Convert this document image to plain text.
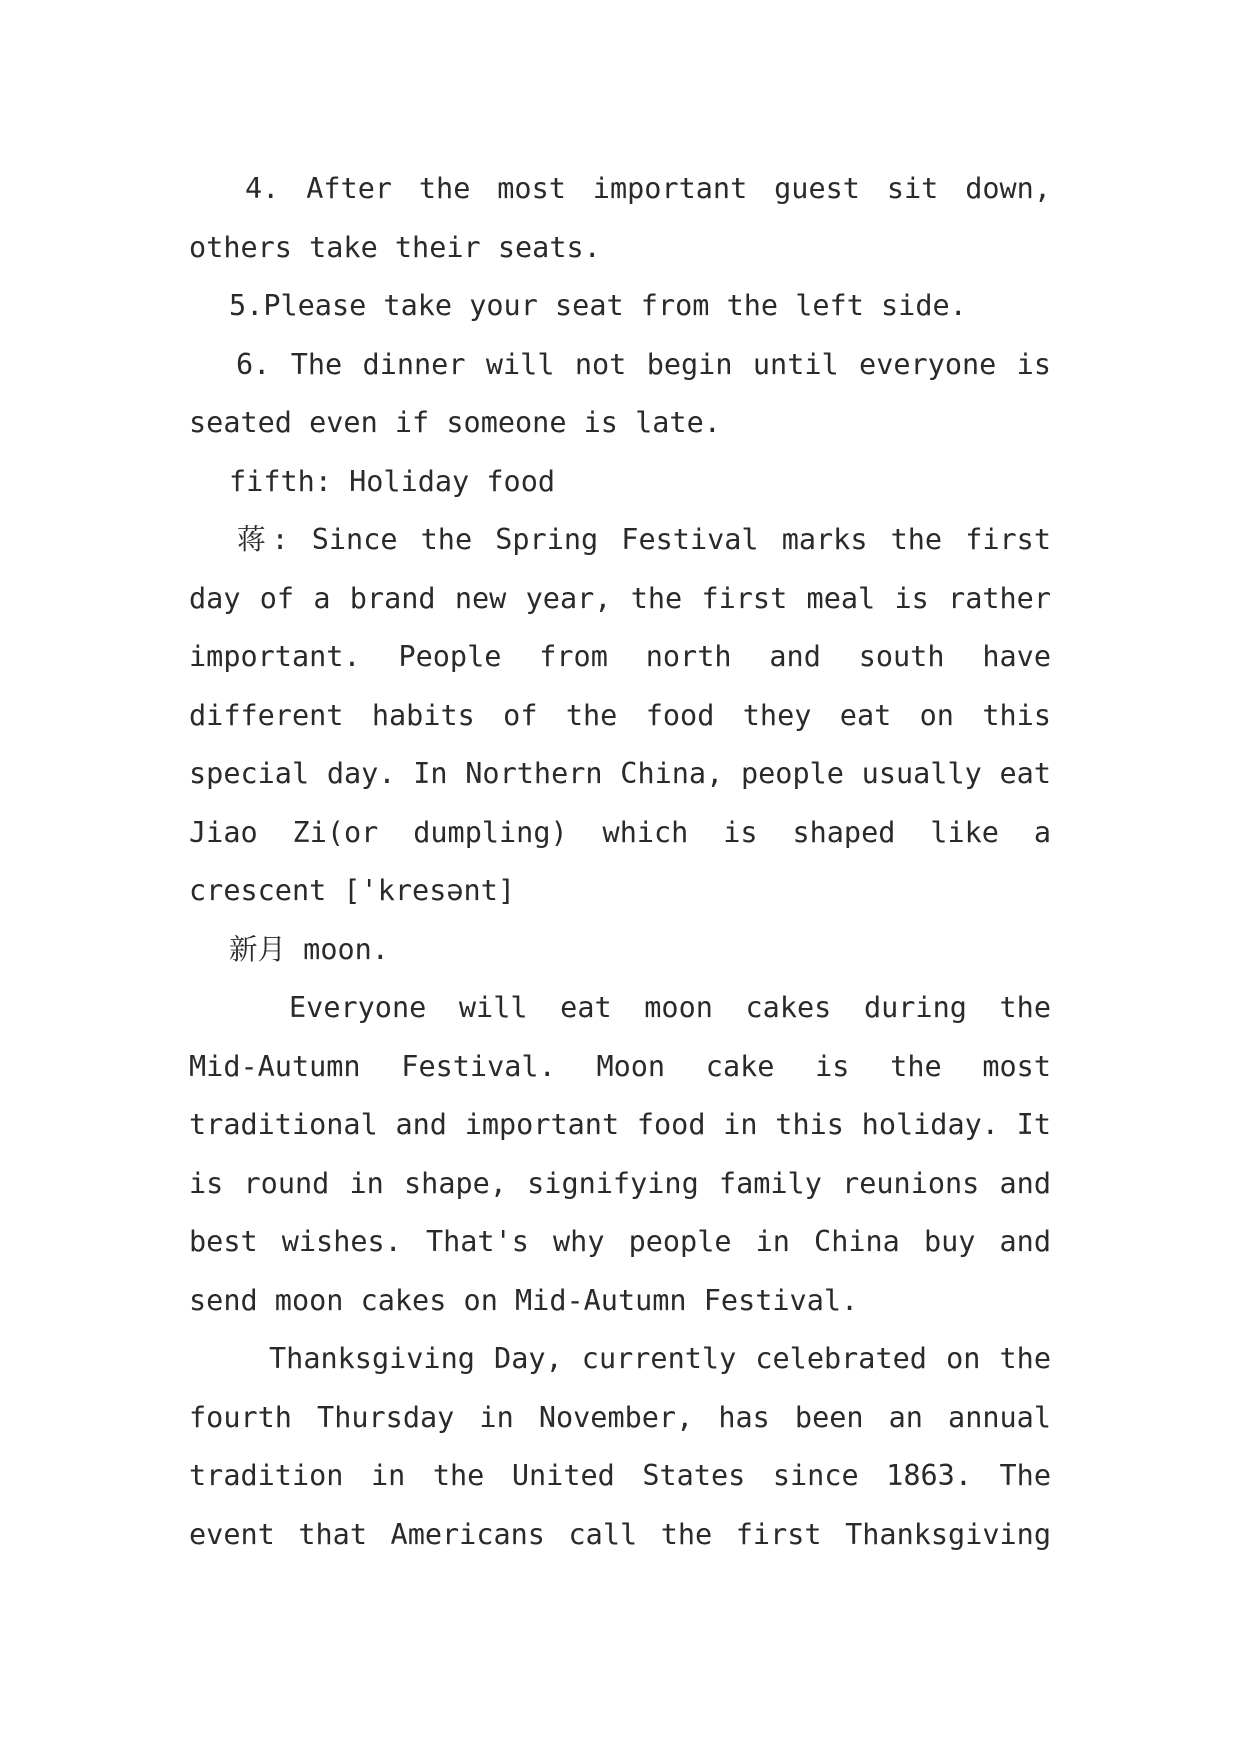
4. After the most important guest sit down,
others take their seats.
5.Please take your seat from the left side.
6. The dinner will not begin until everyone is
seated even if someone is late.
fifth: Holiday food
蒋: Since the Spring Festival marks the first
day of a brand new year, the first meal is rather
important. People from north and south have
different habits of the food they eat on this
special day. In Northern China, people usually eat
Jiao Zi(or dumpling) which is shaped like a
crescent ['kresənt]
新月 moon.
Everyone will eat moon cakes during the
Mid-Autumn Festival. Moon cake is the most
traditional and important food in this holiday. It
is round in shape, signifying family reunions and
best wishes. That's why people in China buy and
send moon cakes on Mid-Autumn Festival.
Thanksgiving Day, currently celebrated on the
fourth Thursday in November, has been an annual
tradition in the United States since 1863. The
event that Americans call the first Thanksgiving
